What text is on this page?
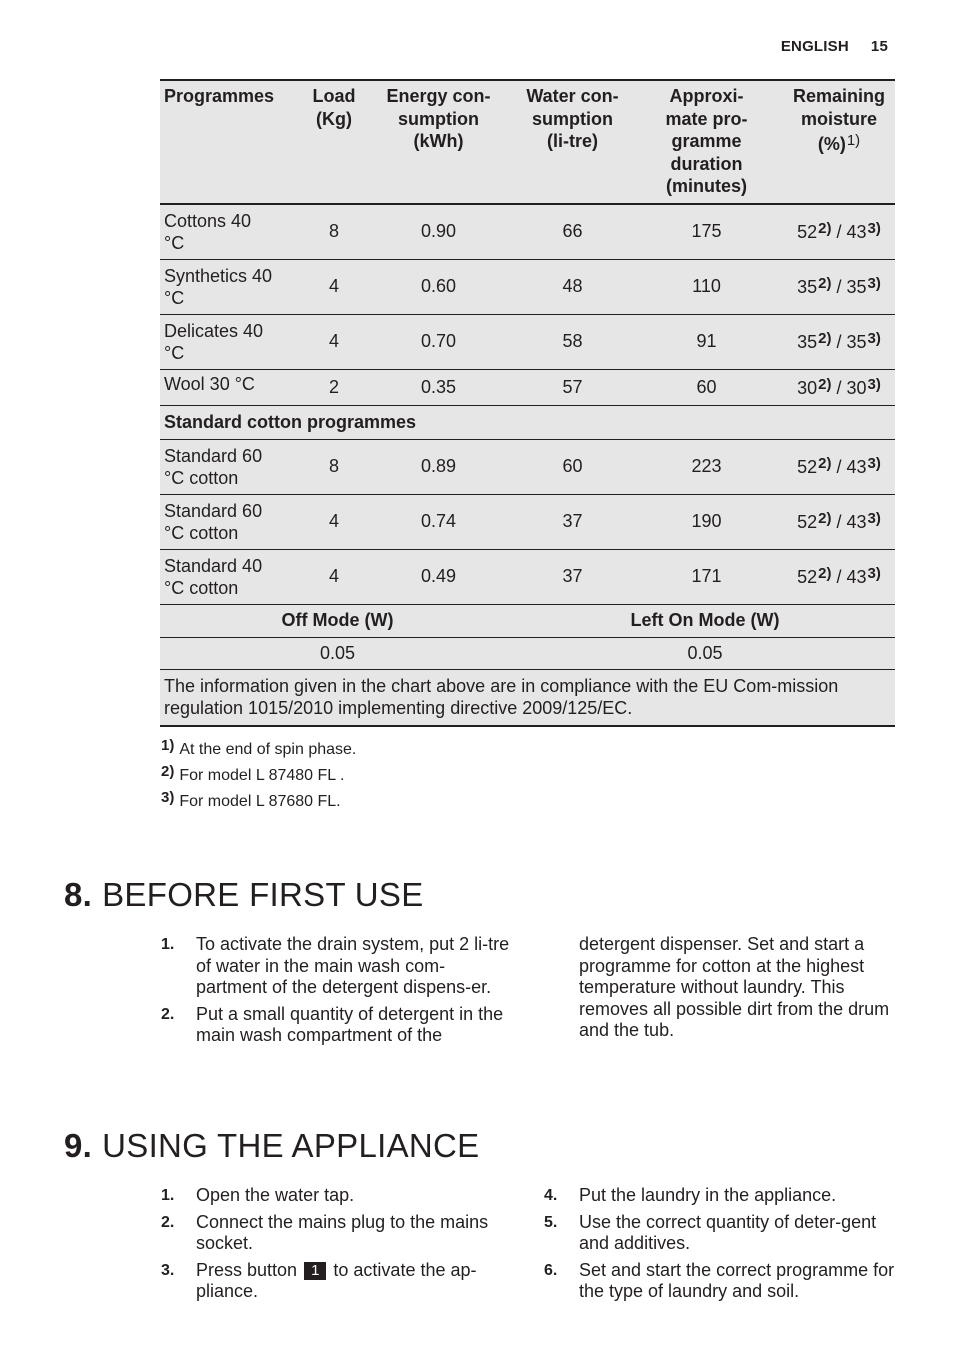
ENGLISH 15
Programmes	Load (Kg)	Energy con-sumption (kWh)	Water con-sumption (li-tre)	Approxi-mate pro-gramme duration (minutes)	Remaining moisture (%)$^{1)}$
Cottons 40 °C	8	0.90	66	175	52$^{2)}$ / 43$^{3)}$
Synthetics 40 °C	4	0.60	48	110	35$^{2)}$ / 35$^{3)}$
Delicates 40 °C	4	0.70	58	91	35$^{2)}$ / 35$^{3)}$
Wool 30 °C	2	0.35	57	60	30$^{2)}$ / 30$^{3)}$
Standard cotton programmes					
Standard 60 °C cotton	8	0.89	60	223	52$^{2)}$ / 43$^{3)}$
Standard 60 °C cotton	4	0.74	37	190	52$^{2)}$ / 43$^{3)}$
Standard 40 °C cotton	4	0.49	37	171	52$^{2)}$ / 43$^{3)}$
Off Mode (W)			Left On Mode (W)		
0.05			0.05		
The information given in the chart above are in compliance with the EU Com-mission regulation 1015/2010 implementing directive 2009/125/EC.					
$^{1)}$ At the end of spin phase.
$^{2)}$ For model L 87480 FL .
$^{3)}$ For model L 87680 FL.
8. BEFORE FIRST USE
1. To activate the drain system, put 2 li-tre of water in the main wash com-partment of the detergent dispens-er.
2. Put a small quantity of detergent in the main wash compartment of the
detergent dispenser. Set and start a programme for cotton at the highest temperature without laundry. This removes all possible dirt from the drum and the tub.
9. USING THE APPLIANCE
1. Open the water tap.
2. Connect the mains plug to the mains socket.
3. Press button 1 to activate the ap-pliance.
4. Put the laundry in the appliance.
5. Use the correct quantity of deter-gent and additives.
6. Set and start the correct programme for the type of laundry and soil.
